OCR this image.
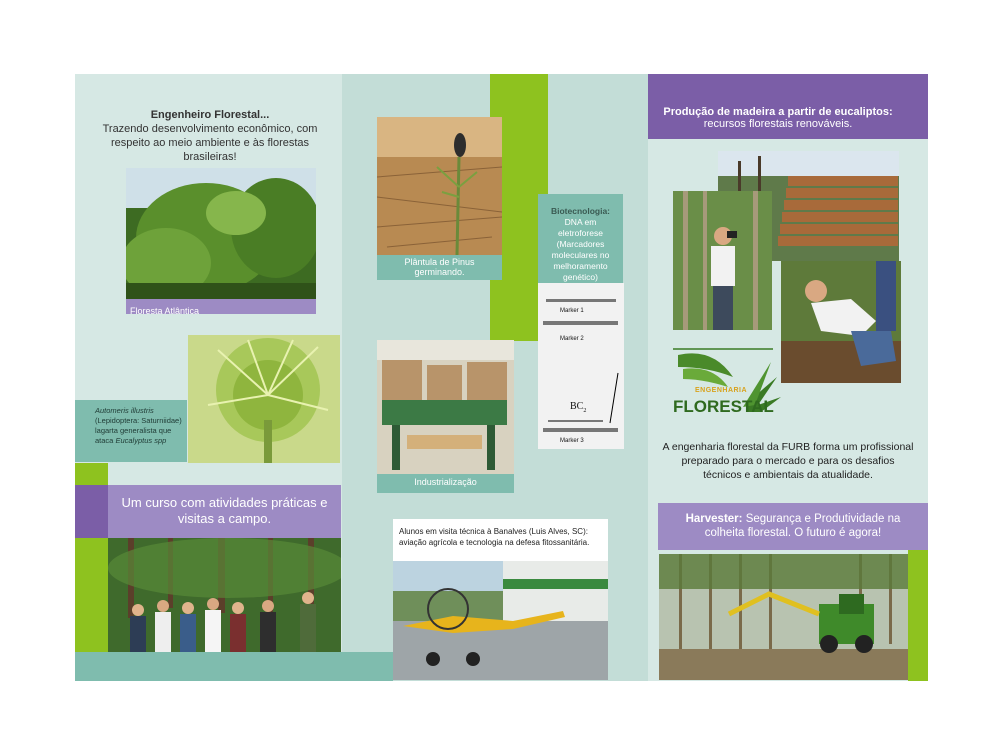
Engenheiro Florestal...
Trazendo desenvolvimento econômico, com respeito ao meio ambiente e às florestas brasileiras!
Floresta Atlântica
Automeris illustris
(Lepidoptera: Saturniidae)
lagarta generalista que
ataca Eucalyptus spp
Um curso com atividades práticas e visitas a campo.
Plântula de Pinus germinando.
Biotecnologia:
DNA em eletroforese (Marcadores moleculares no melhoramento genético)
Marker 1
Marker 2
$BC_2$
Marker 3
Industrialização
Alunos em visita técnica à Banalves (Luis Alves, SC): aviação agrícola e tecnologia na defesa fitossanitária.
Produção de madeira a partir de eucaliptos:
recursos florestais renováveis.
ENGENHARIA
FLORESTAL
A engenharia florestal da FURB forma um profissional preparado para o mercado e para os desafios técnicos e ambientais da atualidade.
Harvester: Segurança e Produtividade na colheita florestal. O futuro é agora!
